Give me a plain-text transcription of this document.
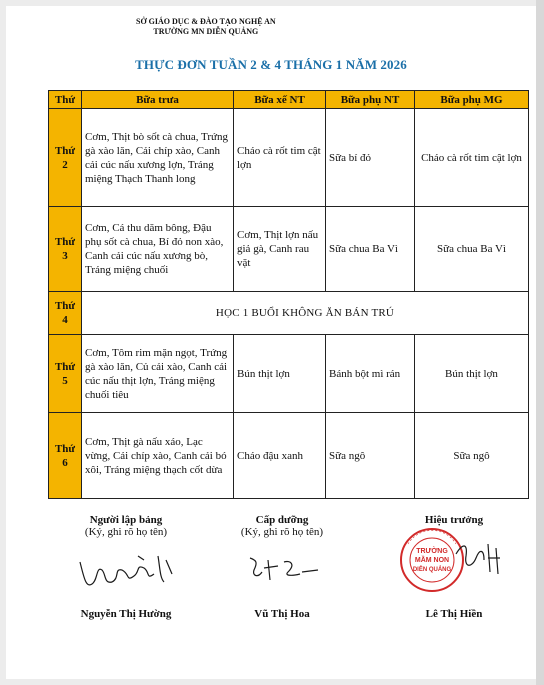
SỞ GIÁO DỤC & ĐÀO TẠO NGHỆ AN
TRƯỜNG MN DIỄN QUẢNG
THỰC ĐƠN TUẦN 2 & 4 THÁNG 1 NĂM 2026
Thứ	Bữa trưa	Bữa xế NT	Bữa phụ NT	Bữa phụ MG
Thứ 2	Cơm, Thịt bò sốt cà chua, Trứng gà xào lăn, Cải chíp xào, Canh cải cúc nấu xương lợn, Tráng miệng Thạch Thanh long	Cháo cà rốt tim cật lợn	Sữa bí đỏ	Cháo cà rốt tim cật lợn
Thứ 3	Cơm, Cá thu dăm bông, Đậu phụ sốt cà chua, Bí đỏ non xào, Canh cải cúc nấu xương bò, Tráng miệng chuối	Cơm, Thịt lợn nấu giả gà, Canh rau vặt	Sữa chua Ba Vì	Sữa chua Ba Vì
Thứ 4	HỌC 1 BUỔI KHÔNG ĂN BÁN TRÚ			
Thứ 5	Cơm, Tôm rim mặn ngọt, Trứng gà xào lăn, Củ cải xào, Canh cải cúc nấu thịt lợn, Tráng miệng chuối tiêu	Bún thịt lợn	Bánh bột mì rán	Bún thịt lợn
Thứ 6	Cơm, Thịt gà nấu xáo, Lạc vừng, Cải chíp xào, Canh cải bó xôi, Tráng miệng thạch cốt dừa	Cháo đậu xanh	Sữa ngô	Sữa ngô
Người lập bảng
(Ký, ghi rõ họ tên)
Nguyễn Thị Hường
Cấp dưỡng
(Ký, ghi rõ họ tên)
Vũ Thị Hoa
Hiệu trưởng
TRƯỜNG
MẦM NON
DIỄN QUẢNG
Lê Thị Hiền
